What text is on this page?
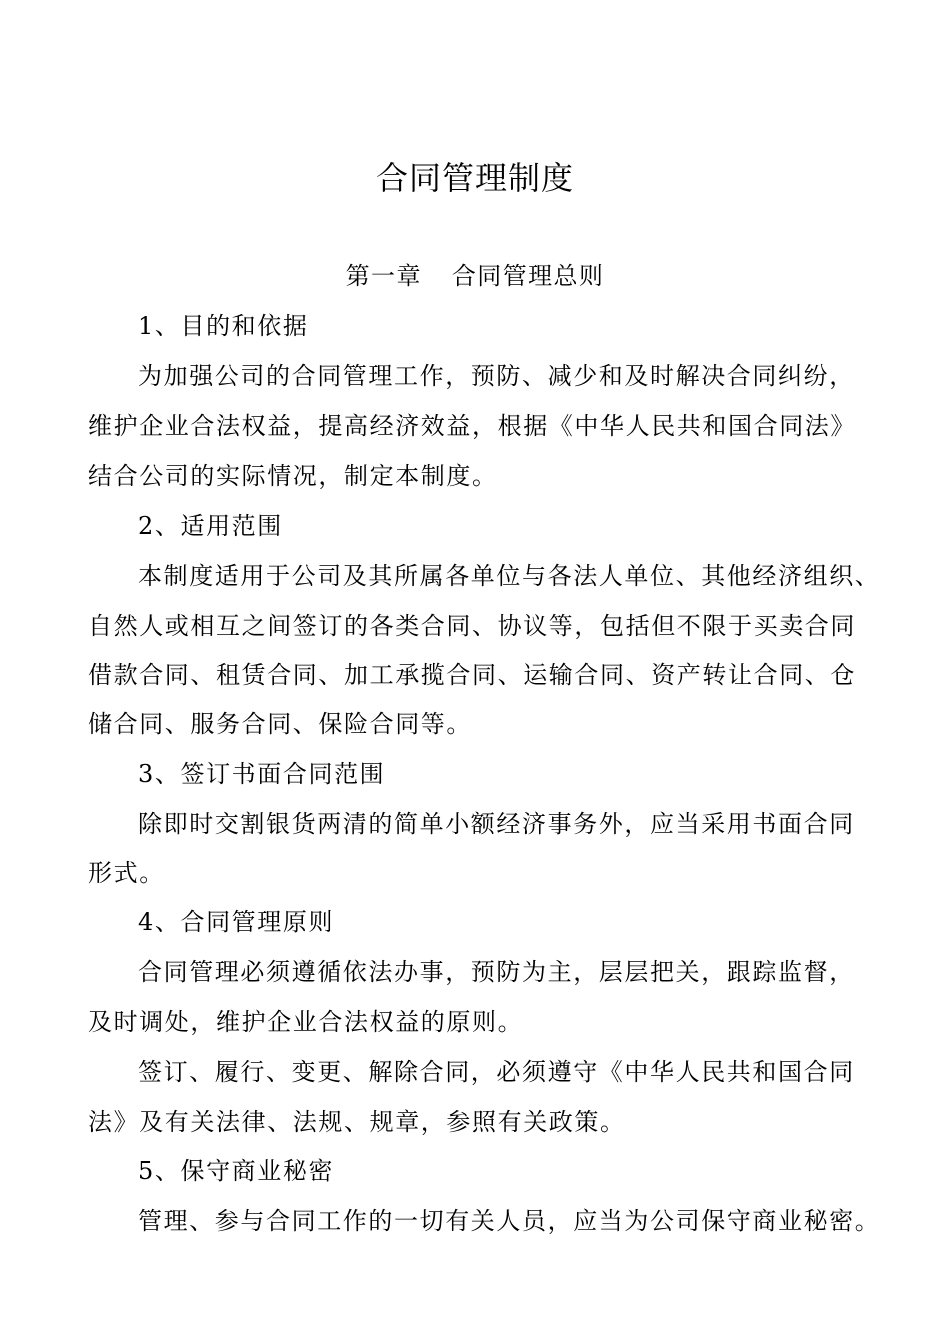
合同管理制度
第一章 合同管理总则
1、目的和依据
为加强公司的合同管理工作，预防、减少和及时解决合同纠纷，
维护企业合法权益，提高经济效益，根据《中华人民共和国合同法》
结合公司的实际情况，制定本制度。
2、适用范围
本制度适用于公司及其所属各单位与各法人单位、其他经济组织、
自然人或相互之间签订的各类合同、协议等，包括但不限于买卖合同
借款合同、租赁合同、加工承揽合同、运输合同、资产转让合同、仓
储合同、服务合同、保险合同等。
3、签订书面合同范围
除即时交割银货两清的简单小额经济事务外，应当采用书面合同
形式。
4、合同管理原则
合同管理必须遵循依法办事，预防为主，层层把关，跟踪监督，
及时调处，维护企业合法权益的原则。
签订、履行、变更、解除合同，必须遵守《中华人民共和国合同
法》及有关法律、法规、规章，参照有关政策。
5、保守商业秘密
管理、参与合同工作的一切有关人员，应当为公司保守商业秘密。
